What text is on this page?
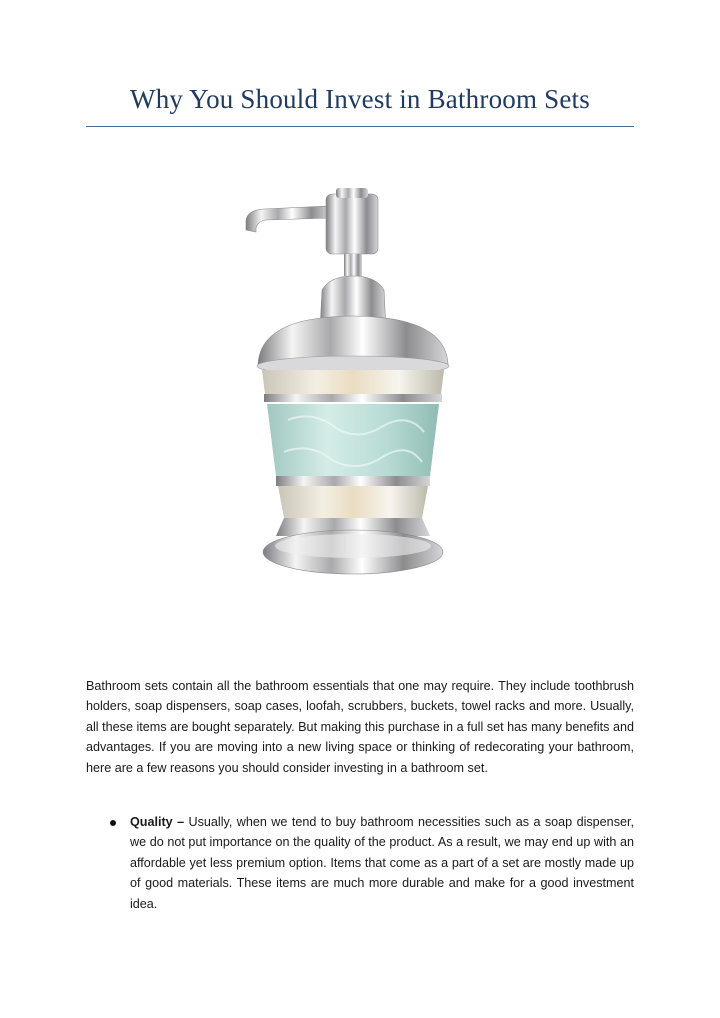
Why You Should Invest in Bathroom Sets

Bathroom sets contain all the bathroom essentials that one may require. They include toothbrush holders, soap dispensers, soap cases, loofah, scrubbers, buckets, towel racks and more. Usually, all these items are bought separately. But making this purchase in a full set has many benefits and advantages. If you are moving into a new living space or thinking of redecorating your bathroom, here are a few reasons you should consider investing in a bathroom set.

Quality – Usually, when we tend to buy bathroom necessities such as a soap dispenser, we do not put importance on the quality of the product. As a result, we may end up with an affordable yet less premium option. Items that come as a part of a set are mostly made up of good materials. These items are much more durable and make for a good investment idea.
